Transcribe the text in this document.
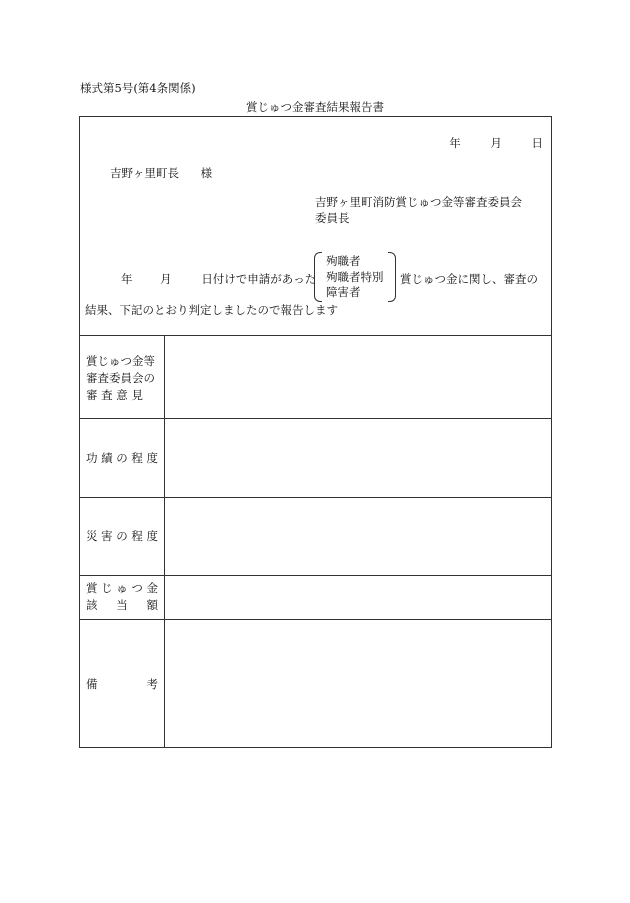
様式第5号(第4条関係)
賞じゅつ金審査結果報告書
年	月	日
吉野ヶ里町長 様
吉野ヶ里町消防賞じゅつ金等審査委員会
委員長
年 月	日付けで申請があった
殉職者
殉職者特別
障害者
賞じゅつ金に関し、審査の
結果、下記のとおり判定しましたので報告します
賞じゅつ金等
審査委員会の
審 査 意 見
功 績 の 程 度
災 害 の 程 度
賞 じ ゅ つ 金
該 当 額
備	考
